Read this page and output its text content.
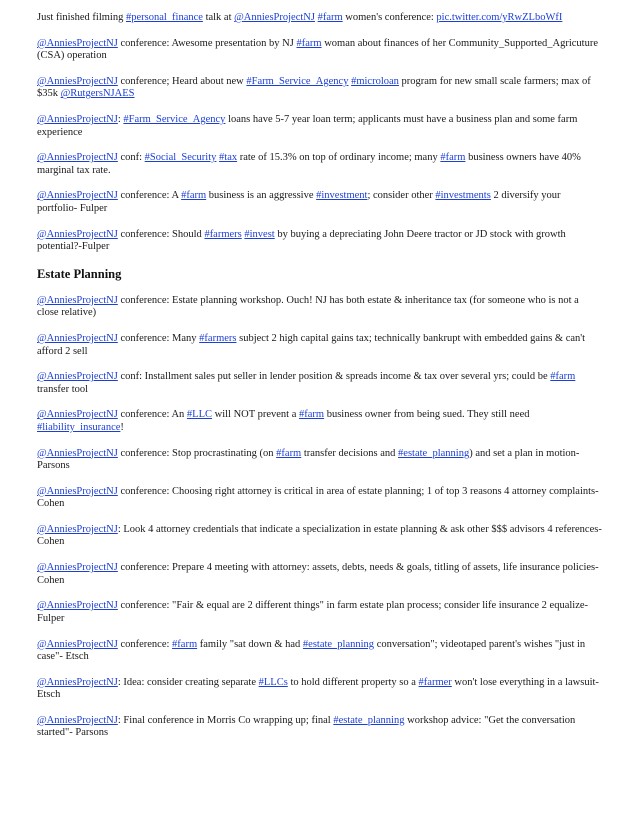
Just finished filming #personal_finance talk at @AnniesProjectNJ #farm women's conference: pic.twitter.com/yRwZLboWfI
@AnniesProjectNJ conference: Awesome presentation by NJ #farm woman about finances of her Community_Supported_Agricuture (CSA) operation
@AnniesProjectNJ conference; Heard about new #Farm_Service_Agency #microloan program for new small scale farmers; max of $35k @RutgersNJAES
@AnniesProjectNJ: #Farm_Service_Agency loans have 5-7 year loan term; applicants must have a business plan and some farm experience
@AnniesProjectNJ conf: #Social_Security #tax rate of 15.3% on top of ordinary income; many #farm business owners have 40% marginal tax rate.
@AnniesProjectNJ conference: A #farm business is an aggressive #investment; consider other #investments 2 diversify your portfolio- Fulper
@AnniesProjectNJ conference: Should #farmers #invest by buying a depreciating John Deere tractor or JD stock with growth potential?-Fulper
Estate Planning
@AnniesProjectNJ conference: Estate planning workshop. Ouch! NJ has both estate & inheritance tax (for someone who is not a close relative)
@AnniesProjectNJ conference: Many #farmers subject 2 high capital gains tax; technically bankrupt with embedded gains & can't afford 2 sell
@AnniesProjectNJ conf: Installment sales put seller in lender position & spreads income & tax over several yrs; could be #farm transfer tool
@AnniesProjectNJ conference: An #LLC will NOT prevent a #farm business owner from being sued. They still need #liability_insurance!
@AnniesProjectNJ conference: Stop procrastinating (on #farm transfer decisions and #estate_planning) and set a plan in motion-Parsons
@AnniesProjectNJ conference: Choosing right attorney is critical in area of estate planning; 1 of top 3 reasons 4 attorney complaints-Cohen
@AnniesProjectNJ: Look 4 attorney credentials that indicate a specialization in estate planning & ask other $$$ advisors 4 references-Cohen
@AnniesProjectNJ conference: Prepare 4 meeting with attorney: assets, debts, needs & goals, titling of assets, life insurance policies-Cohen
@AnniesProjectNJ conference: "Fair & equal are 2 different things" in farm estate plan process; consider life insurance 2 equalize-Fulper
@AnniesProjectNJ conference: #farm family "sat down & had #estate_planning conversation"; videotaped parent's wishes "just in case"- Etsch
@AnniesProjectNJ: Idea: consider creating separate #LLCs to hold different property so a #farmer won't lose everything in a lawsuit-Etsch
@AnniesProjectNJ: Final conference in Morris Co wrapping up; final #estate_planning workshop advice: "Get the conversation started"- Parsons
